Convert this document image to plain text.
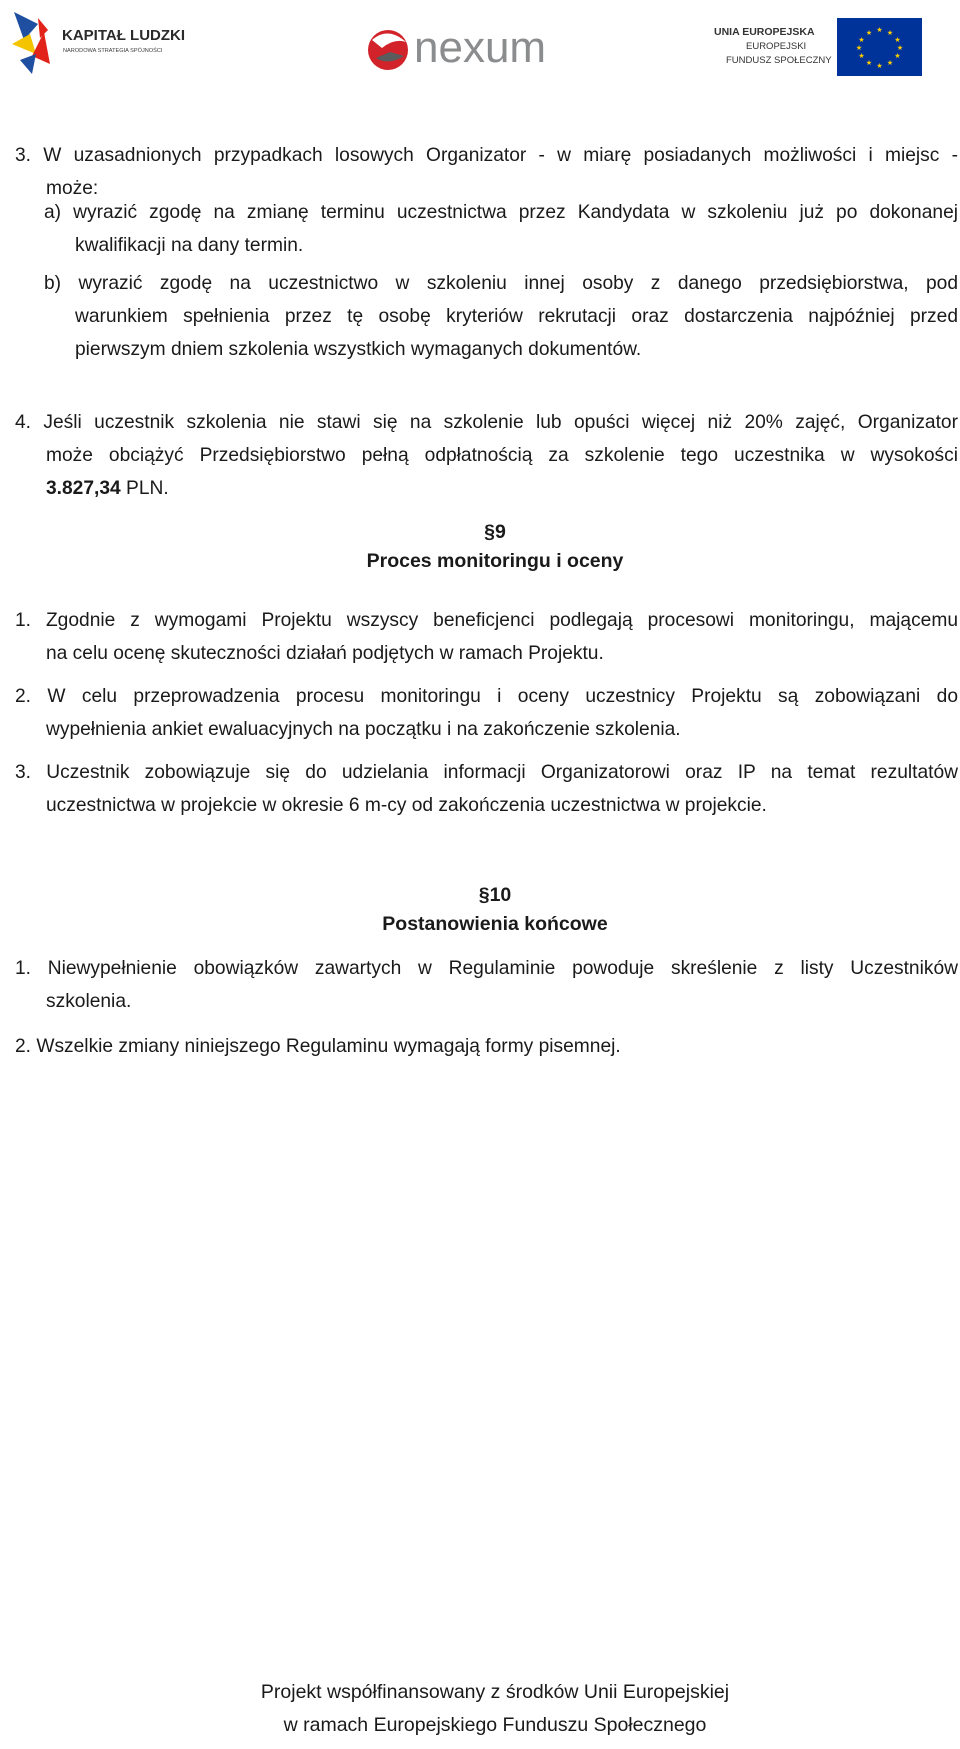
KAPITAŁ LUDZKI
NARODOWA STRATEGIA SPÓJNOŚCI	nexum	UNIA EUROPEJSKA
EUROPEJSKI
FUNDUSZ SPOŁECZNY
★ ★
★
★
★
★
★
★
★
★
★
★
3. W uzasadnionych przypadkach losowych Organizator - w miarę posiadanych możliwości i miejsc -
może:
a) wyrazić zgodę na zmianę terminu uczestnictwa przez Kandydata w szkoleniu już po dokonanej
kwalifikacji na dany termin.
b) wyrazić zgodę na uczestnictwo w szkoleniu innej osoby z danego przedsiębiorstwa, pod
warunkiem spełnienia przez tę osobę kryteriów rekrutacji oraz dostarczenia najpóźniej przed
pierwszym dniem szkolenia wszystkich wymaganych dokumentów.
4. Jeśli uczestnik szkolenia nie stawi się na szkolenie lub opuści więcej niż 20% zajęć, Organizator
może obciążyć Przedsiębiorstwo pełną odpłatnością za szkolenie tego uczestnika w wysokości
3.827,34 PLN.
§9
Proces monitoringu i oceny
1. Zgodnie z wymogami Projektu wszyscy beneficjenci podlegają procesowi monitoringu, mającemu
na celu ocenę skuteczności działań podjętych w ramach Projektu.
2. W celu przeprowadzenia procesu monitoringu i oceny uczestnicy Projektu są zobowiązani do
wypełnienia ankiet ewaluacyjnych na początku i na zakończenie szkolenia.
3. Uczestnik zobowiązuje się do udzielania informacji Organizatorowi oraz IP na temat rezultatów
uczestnictwa w projekcie w okresie 6 m-cy od zakończenia uczestnictwa w projekcie.
§10
Postanowienia końcowe
1. Niewypełnienie obowiązków zawartych w Regulaminie powoduje skreślenie z listy Uczestników
szkolenia.
2. Wszelkie zmiany niniejszego Regulaminu wymagają formy pisemnej.
Projekt współfinansowany z środków Unii Europejskiej
w ramach Europejskiego Funduszu Społecznego
